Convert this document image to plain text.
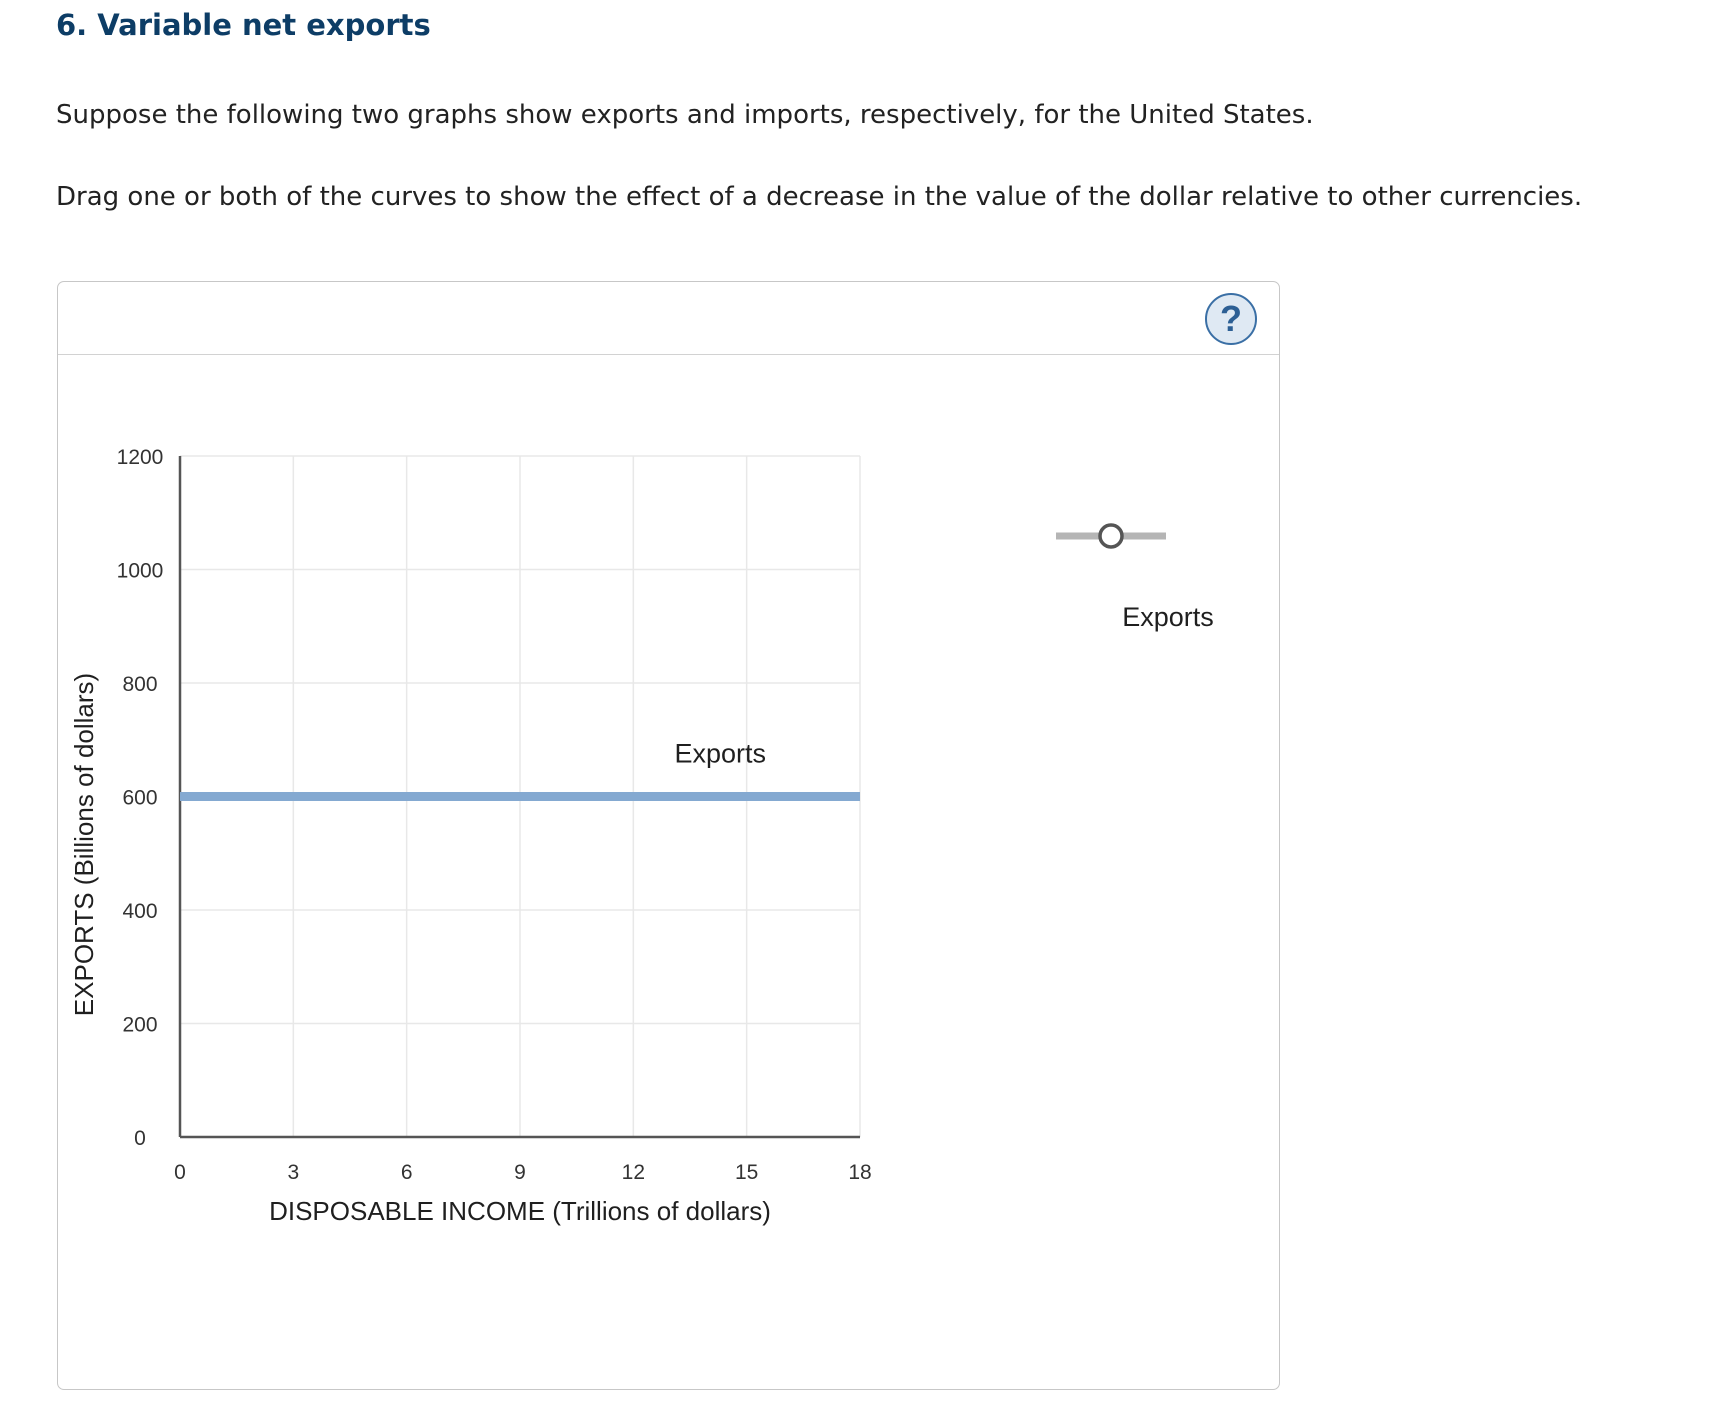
6. Variable net exports

Suppose the following two graphs show exports and imports, respectively, for the United States.

Drag one or both of the curves to show the effect of a decrease in the value of the dollar relative to other currencies.

?
0	3	6	9	12	15	18
0
200
400
600
800
1000
1200
DISPOSABLE INCOME (Trillions of dollars)
EXPORTS (Billions of dollars)	Exports
Exports
